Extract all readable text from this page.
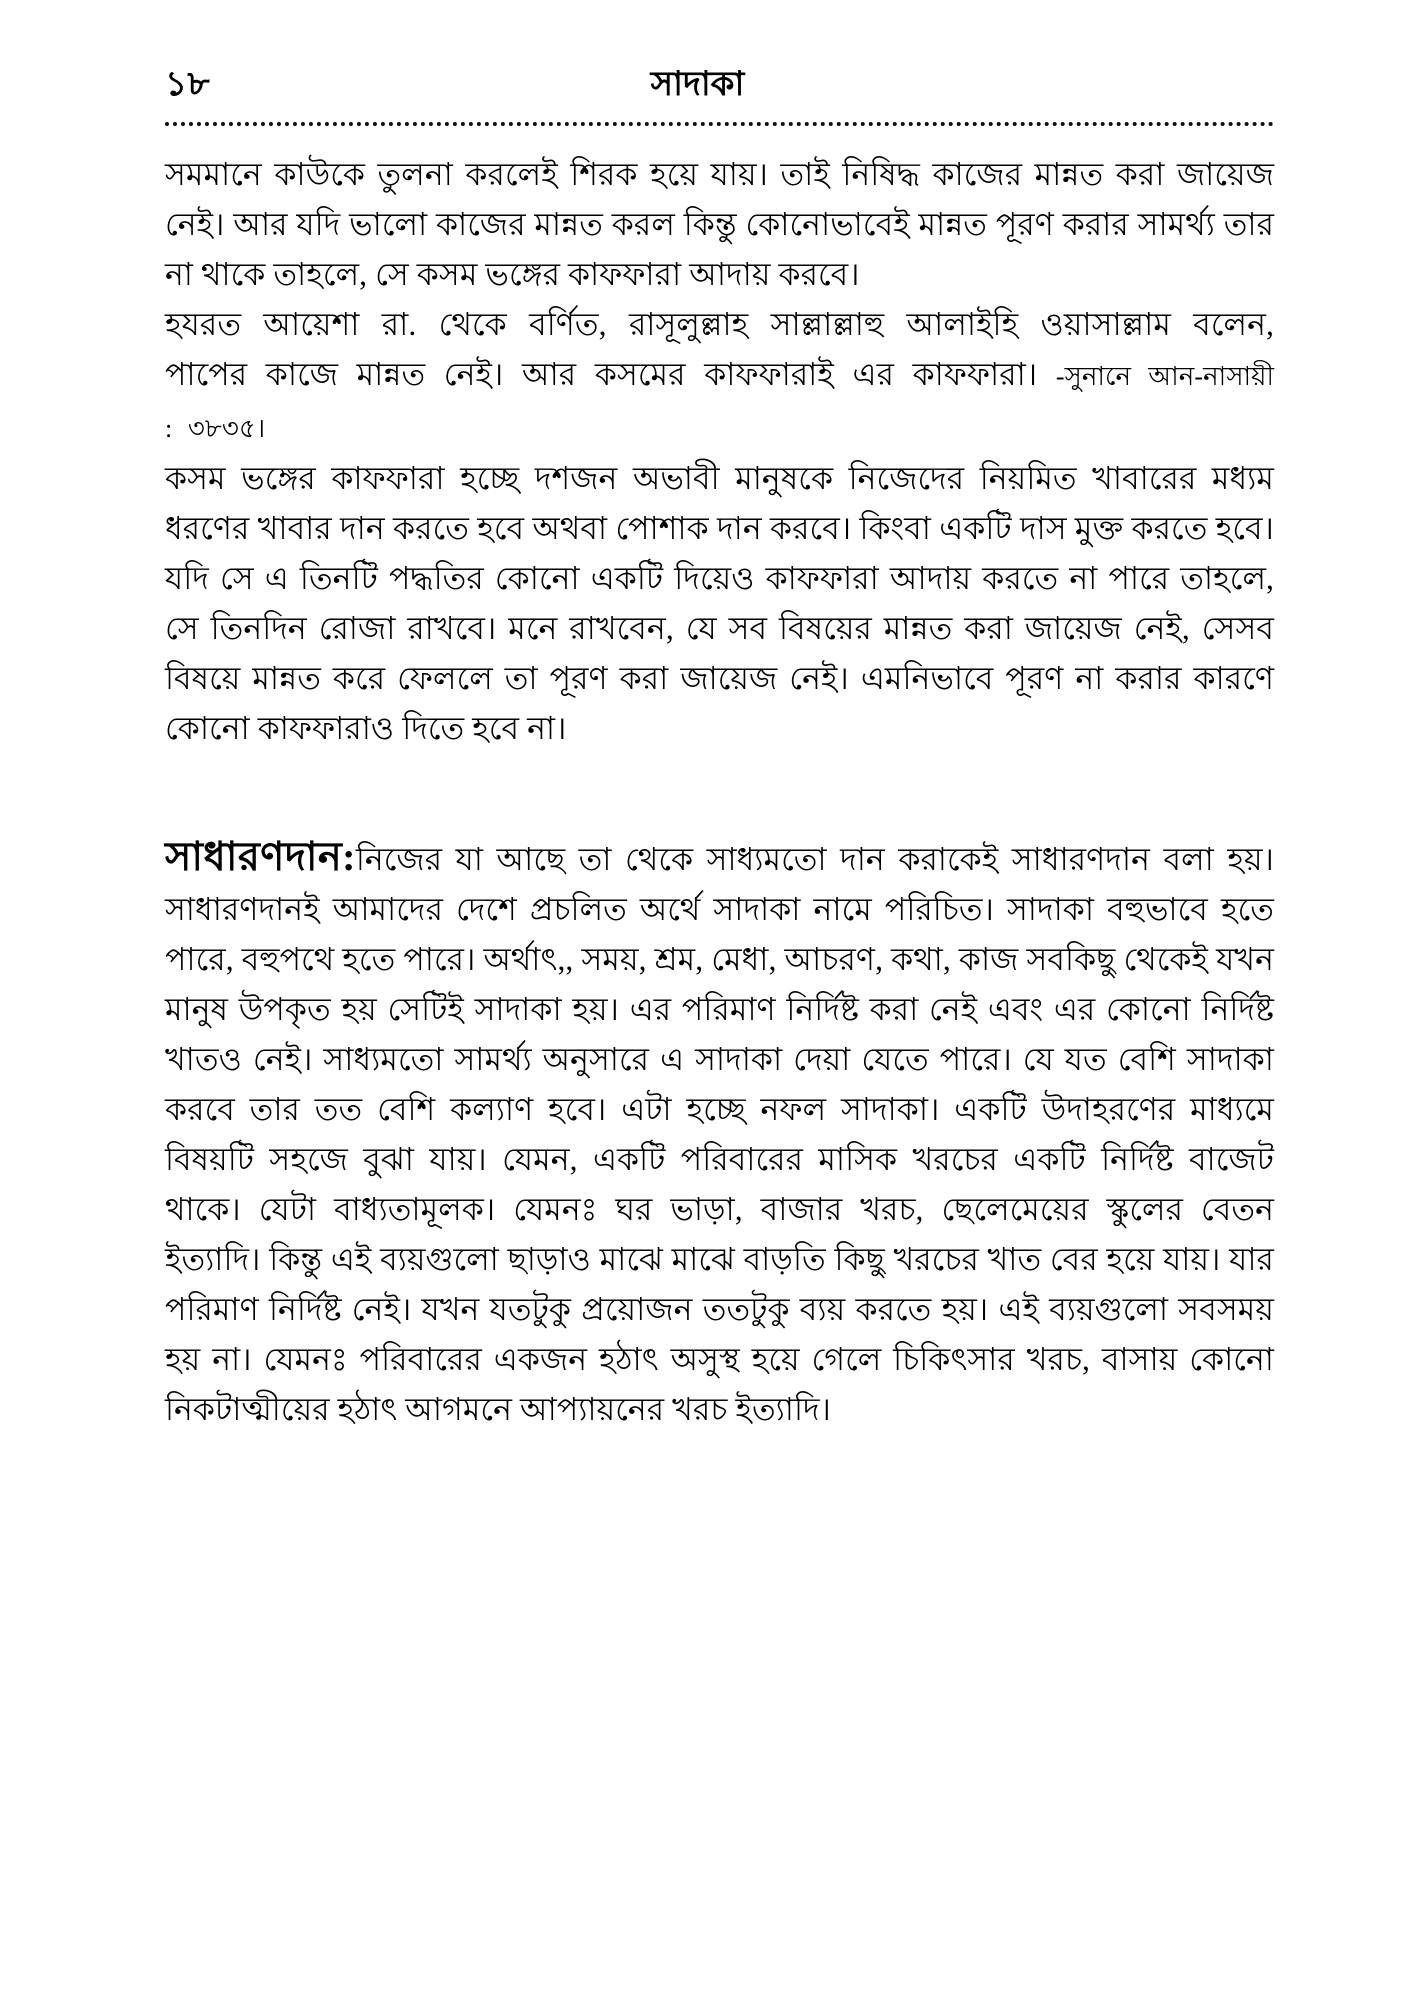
১৮	সাদাকা

সমমানে কাউকে তুলনা করলেই শিরক হয়ে যায়। তাই নিষিদ্ধ কাজের মান্নত করা জায়েজ নেই। আর যদি ভালো কাজের মান্নত করল কিন্তু কোনোভাবেই মান্নত পূরণ করার সামর্থ্য তার না থাকে তাহলে, সে কসম ভঙ্গের কাফফারা আদায় করবে।

হযরত আয়েশা রা. থেকে বর্ণিত, রাসূলুল্লাহ সাল্লাল্লাহু আলাইহি ওয়াসাল্লাম বলেন, পাপের কাজে মান্নত নেই। আর কসমের কাফফারাই এর কাফফারা। -সুনানে আন-নাসায়ী : ৩৮৩৫।

কসম ভঙ্গের কাফফারা হচ্ছে দশজন অভাবী মানুষকে নিজেদের নিয়মিত খাবারের মধ্যম ধরণের খাবার দান করতে হবে অথবা পোশাক দান করবে। কিংবা একটি দাস মুক্ত করতে হবে। যদি সে এ তিনটি পদ্ধতির কোনো একটি দিয়েও কাফফারা আদায় করতে না পারে তাহলে, সে তিনদিন রোজা রাখবে। মনে রাখবেন, যে সব বিষয়ের মান্নত করা জায়েজ নেই, সেসব বিষয়ে মান্নত করে ফেললে তা পূরণ করা জায়েজ নেই। এমনিভাবে পূরণ না করার কারণে কোনো কাফফারাও দিতে হবে না।

সাধারণদান:নিজের যা আছে তা থেকে সাধ্যমতো দান করাকেই সাধারণদান বলা হয়। সাধারণদানই আমাদের দেশে প্রচলিত অর্থে সাদাকা নামে পরিচিত। সাদাকা বহুভাবে হতে পারে, বহুপথে হতে পারে। অর্থাৎ,, সময়, শ্রম, মেধা, আচরণ, কথা, কাজ সবকিছু থেকেই যখন মানুষ উপকৃত হয় সেটিই সাদাকা হয়। এর পরিমাণ নির্দিষ্ট করা নেই এবং এর কোনো নির্দিষ্ট খাতও নেই। সাধ্যমতো সামর্থ্য অনুসারে এ সাদাকা দেয়া যেতে পারে। যে যত বেশি সাদাকা করবে তার তত বেশি কল্যাণ হবে। এটা হচ্ছে নফল সাদাকা। একটি উদাহরণের মাধ্যমে বিষয়টি সহজে বুঝা যায়। যেমন, একটি পরিবারের মাসিক খরচের একটি নির্দিষ্ট বাজেট থাকে। যেটা বাধ্যতামূলক। যেমনঃ ঘর ভাড়া, বাজার খরচ, ছেলেমেয়ের স্কুলের বেতন ইত্যাদি। কিন্তু এই ব্যয়গুলো ছাড়াও মাঝে মাঝে বাড়তি কিছু খরচের খাত বের হয়ে যায়। যার পরিমাণ নির্দিষ্ট নেই। যখন যতটুকু প্রয়োজন ততটুকু ব্যয় করতে হয়। এই ব্যয়গুলো সবসময় হয় না। যেমনঃ পরিবারের একজন হঠাৎ অসুস্থ হয়ে গেলে চিকিৎসার খরচ, বাসায় কোনো নিকটাত্মীয়ের হঠাৎ আগমনে আপ্যায়নের খরচ ইত্যাদি।
